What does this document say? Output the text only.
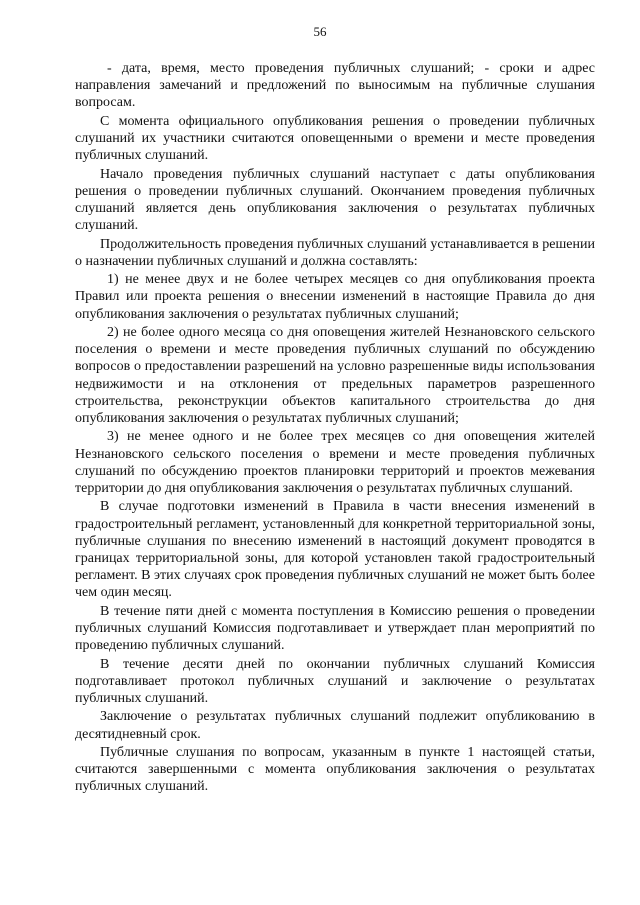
56

- дата, время, место проведения публичных слушаний; - сроки и адрес направления замечаний и предложений по выносимым на публичные слушания вопросам.

С момента официального опубликования решения о проведении публичных слушаний их участники считаются оповещенными о времени и месте проведения публичных слушаний.

Начало проведения публичных слушаний наступает с даты опубликования решения о проведении публичных слушаний. Окончанием проведения публичных слушаний является день опубликования заключения о результатах публичных слушаний.

Продолжительность проведения публичных слушаний устанавливается в решении о назначении публичных слушаний и должна составлять:

1) не менее двух и не более четырех месяцев со дня опубликования проекта Правил или проекта решения о внесении изменений в настоящие Правила до дня опубликования заключения о результатах публичных слушаний;

2) не более одного месяца со дня оповещения жителей Незнановского сельского поселения о времени и месте проведения публичных слушаний по обсуждению вопросов о предоставлении разрешений на условно разрешенные виды использования недвижимости и на отклонения от предельных параметров разрешенного строительства, реконструкции объектов капитального строительства до дня опубликования заключения о результатах публичных слушаний;

3) не менее одного и не более трех месяцев со дня оповещения жителей Незнановского сельского поселения о времени и месте проведения публичных слушаний по обсуждению проектов планировки территорий и проектов межевания территории до дня опубликования заключения о результатах публичных слушаний.

В случае подготовки изменений в Правила в части внесения изменений в градостроительный регламент, установленный для конкретной территориальной зоны, публичные слушания по внесению изменений в настоящий документ проводятся в границах территориальной зоны, для которой установлен такой градостроительный регламент. В этих случаях срок проведения публичных слушаний не может быть более чем один месяц.

В течение пяти дней с момента поступления в Комиссию решения о проведении публичных слушаний Комиссия подготавливает и утверждает план мероприятий по проведению публичных слушаний.

В течение десяти дней по окончании публичных слушаний Комиссия подготавливает протокол публичных слушаний и заключение о результатах публичных слушаний.

Заключение о результатах публичных слушаний подлежит опубликованию в десятидневный срок.

Публичные слушания по вопросам, указанным в пункте 1 настоящей статьи, считаются завершенными с момента опубликования заключения о результатах публичных слушаний.
